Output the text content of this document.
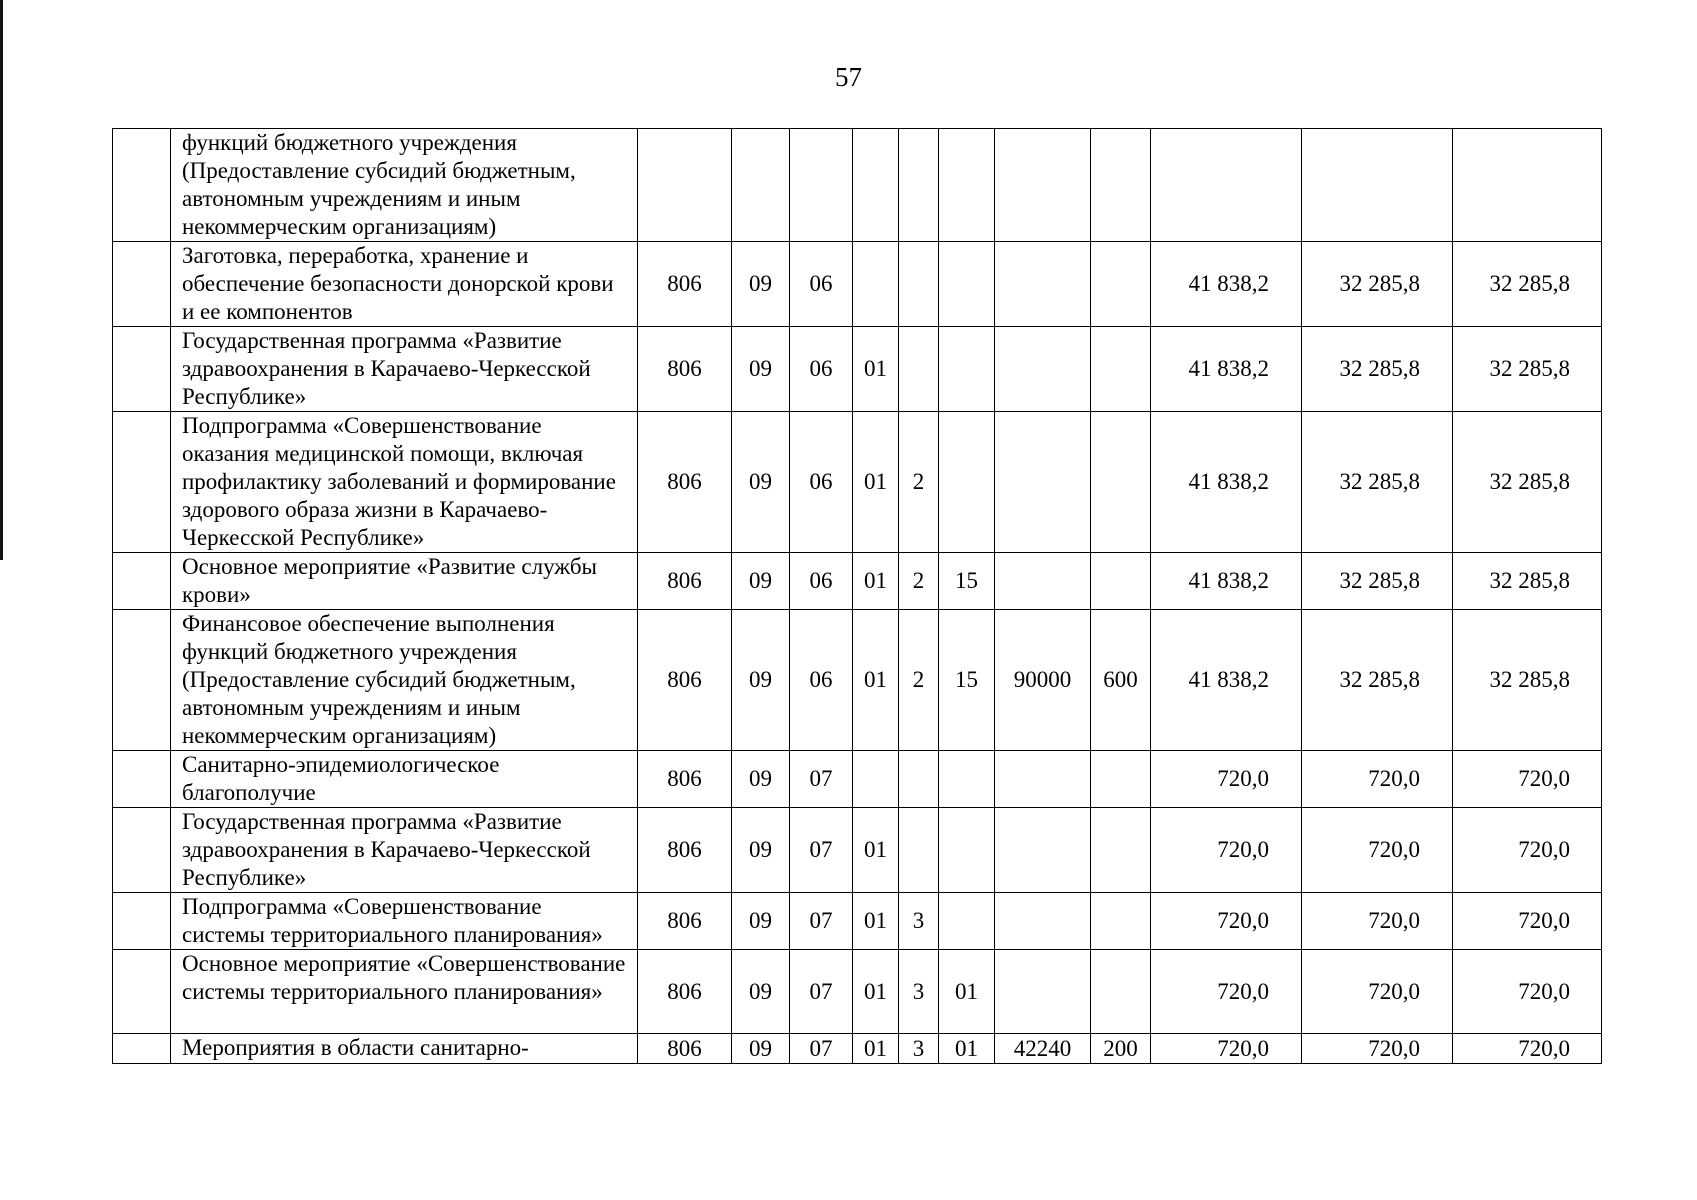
57
	функций бюджетного учреждения (Предоставление субсидий бюджетным, автономным учреждениям и иным некоммерческим организациям)											
	Заготовка, переработка, хранение и обеспечение безопасности донорской крови и ее компонентов	806	09	06						41 838,2	32 285,8	32 285,8
	Государственная программа «Развитие здравоохранения в Карачаево-Черкесской Республике»	806	09	06	01					41 838,2	32 285,8	32 285,8
	Подпрограмма «Совершенствование оказания медицинской помощи, включая профилактику заболеваний и формирование здорового образа жизни в Карачаево-Черкесской Республике»	806	09	06	01	2				41 838,2	32 285,8	32 285,8
	Основное мероприятие «Развитие службы крови»	806	09	06	01	2	15			41 838,2	32 285,8	32 285,8
	Финансовое обеспечение выполнения функций бюджетного учреждения (Предоставление субсидий бюджетным, автономным учреждениям и иным некоммерческим организациям)	806	09	06	01	2	15	90000	600	41 838,2	32 285,8	32 285,8
	Санитарно-эпидемиологическое благополучие	806	09	07						720,0	720,0	720,0
	Государственная программа «Развитие здравоохранения в Карачаево-Черкесской Республике»	806	09	07	01					720,0	720,0	720,0
	Подпрограмма «Совершенствование системы территориального планирования»	806	09	07	01	3				720,0	720,0	720,0
	Основное мероприятие «Совершенствование системы территориального планирования»	806	09	07	01	3	01			720,0	720,0	720,0
	Мероприятия в области санитарно-	806	09	07	01	3	01	42240	200	720,0	720,0	720,0
